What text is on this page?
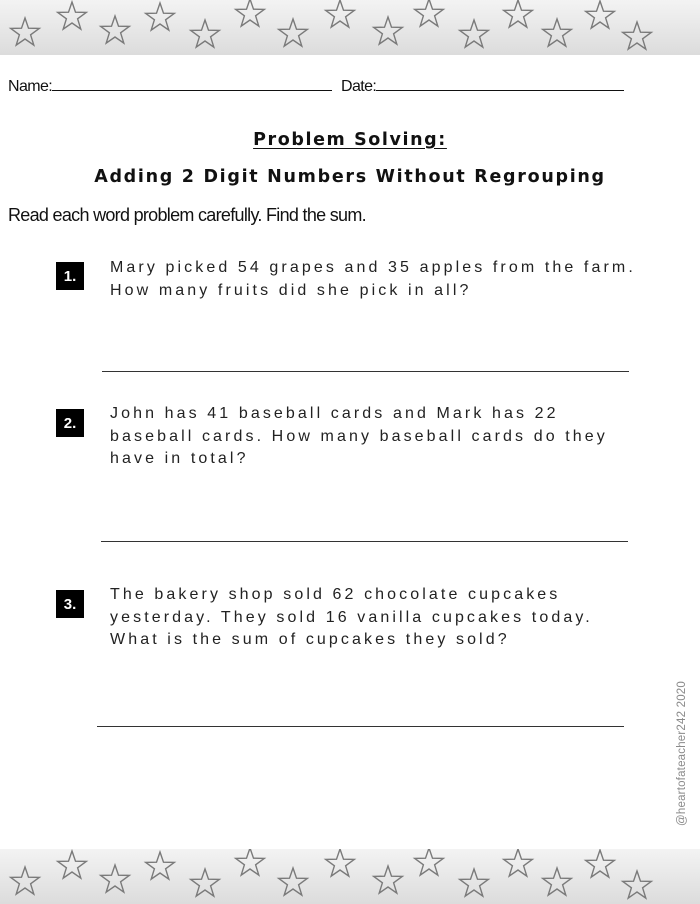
Name:	Date:
Problem Solving:
Adding 2 Digit Numbers Without Regrouping
Read each word problem carefully. Find the sum.
1.	Mary picked 54 grapes and 35 apples from the farm. How many fruits did she pick in all?
2.
John has 41 baseball cards and Mark has 22 baseball cards. How many baseball cards do they have in total?
3.
The bakery shop sold 62 chocolate cupcakes yesterday. They sold 16 vanilla cupcakes today. What is the sum of cupcakes they sold?
@heartofateacher242 2020
